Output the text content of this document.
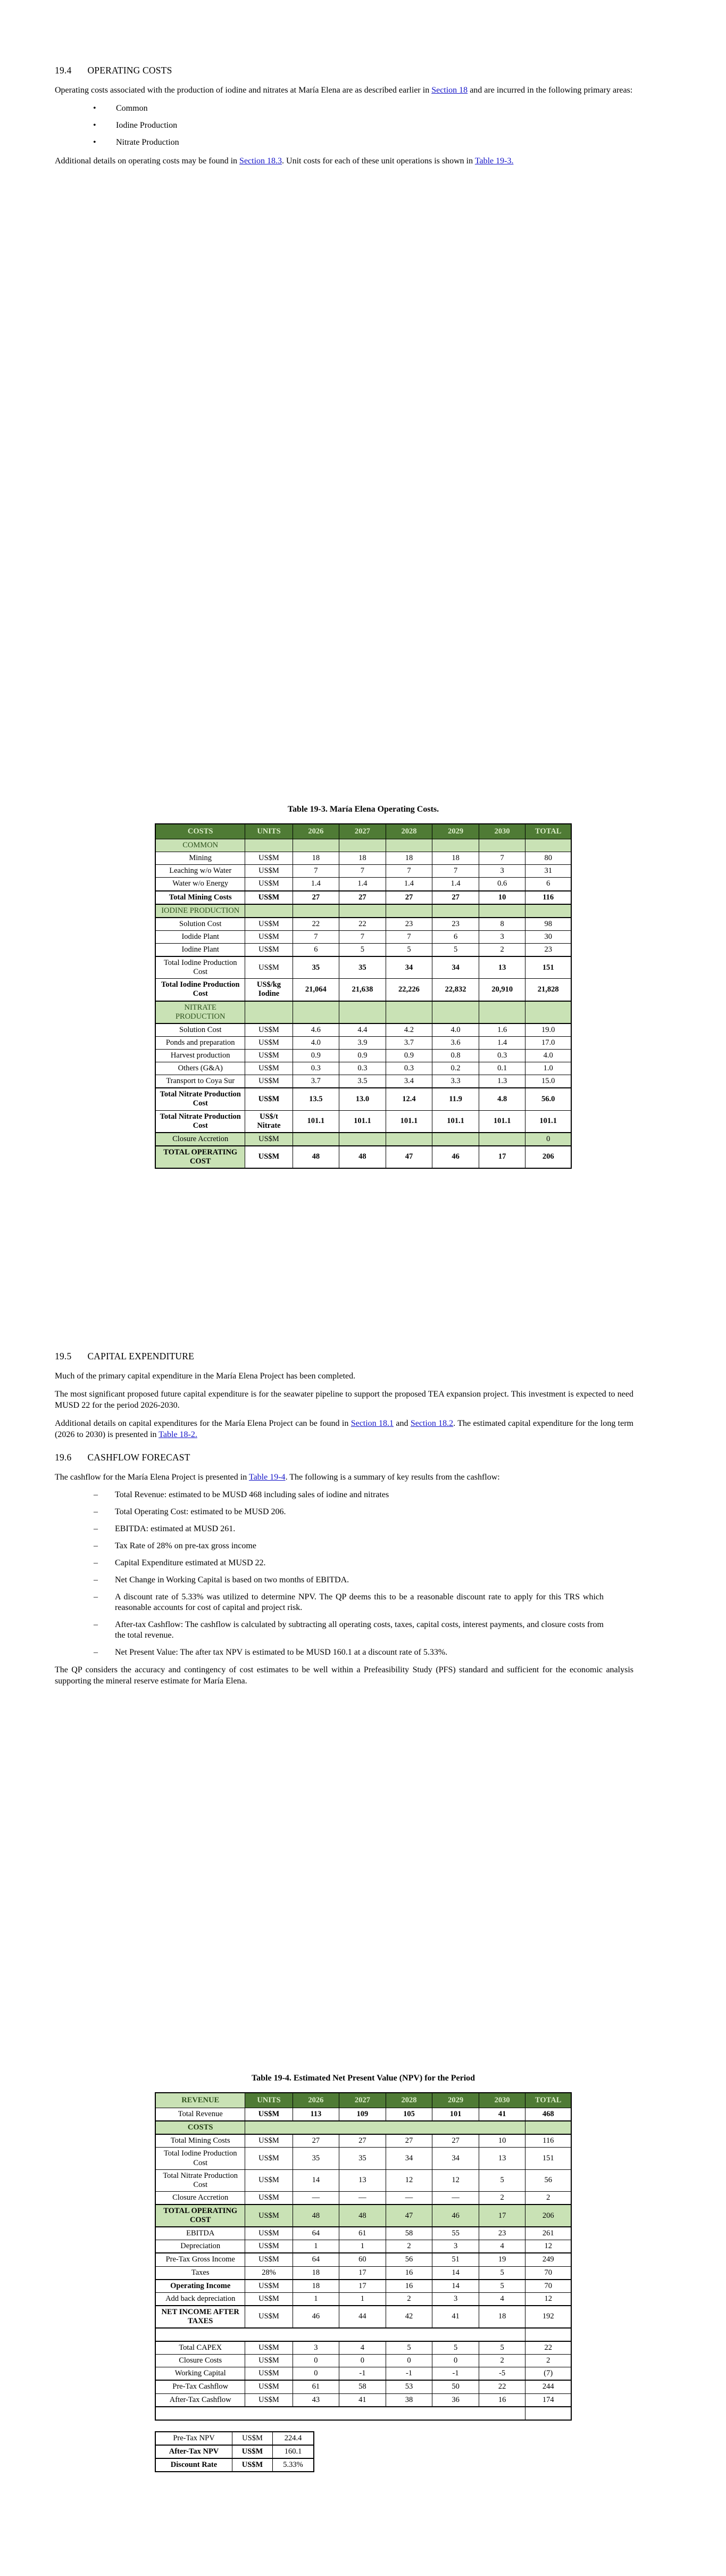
19.4 OPERATING COSTS

Operating costs associated with the production of iodine and nitrates at María Elena are as described earlier in Section 18 and are incurred in the following primary areas:

•	Common
•	Iodine Production
•	Nitrate Production

Additional details on operating costs may be found in Section 18.3. Unit costs for each of these unit operations is shown in Table 19-3.

Table 19-3. María Elena Operating Costs.
COSTS	UNITS	2026	2027	2028	2029	2030	TOTAL
COMMON							
Mining	US$M	18	18	18	18	7	80
Leaching w/o Water	US$M	7	7	7	7	3	31
Water w/o Energy	US$M	1.4	1.4	1.4	1.4	0.6	6
Total Mining Costs	US$M	27	27	27	27	10	116
IODINE PRODUCTION							
Solution Cost	US$M	22	22	23	23	8	98
Iodide Plant	US$M	7	7	7	6	3	30
Iodine Plant	US$M	6	5	5	5	2	23
Total Iodine Production Cost	US$M	35	35	34	34	13	151
Total Iodine Production Cost	US$/kg Iodine	21,064	21,638	22,226	22,832	20,910	21,828
NITRATE PRODUCTION							
Solution Cost	US$M	4.6	4.4	4.2	4.0	1.6	19.0
Ponds and preparation	US$M	4.0	3.9	3.7	3.6	1.4	17.0
Harvest production	US$M	0.9	0.9	0.9	0.8	0.3	4.0
Others (G&A)	US$M	0.3	0.3	0.3	0.2	0.1	1.0
Transport to Coya Sur	US$M	3.7	3.5	3.4	3.3	1.3	15.0
Total Nitrate Production Cost	US$M	13.5	13.0	12.4	11.9	4.8	56.0
Total Nitrate Production Cost	US$/t Nitrate	101.1	101.1	101.1	101.1	101.1	101.1
Closure Accretion	US$M						0
TOTAL OPERATING COST	US$M	48	48	47	46	17	206
19.5 CAPITAL EXPENDITURE

Much of the primary capital expenditure in the María Elena Project has been completed.

The most significant proposed future capital expenditure is for the seawater pipeline to support the proposed TEA expansion project. This investment is expected to need MUSD 22 for the period 2026-2030.

Additional details on capital expenditures for the María Elena Project can be found in Section 18.1 and Section 18.2. The estimated capital expenditure for the long term (2026 to 2030) is presented in Table 18-2.

19.6 CASHFLOW FORECAST

The cashflow for the María Elena Project is presented in Table 19-4. The following is a summary of key results from the cashflow:

–	Total Revenue: estimated to be MUSD 468 including sales of iodine and nitrates
–	Total Operating Cost: estimated to be MUSD 206.
–	EBITDA: estimated at MUSD 261.
–	Tax Rate of 28% on pre-tax gross income
–	Capital Expenditure estimated at MUSD 22.
–	Net Change in Working Capital is based on two months of EBITDA.
–	A discount rate of 5.33% was utilized to determine NPV. The QP deems this to be a reasonable discount rate to apply for this TRS which reasonable accounts for cost of capital and project risk.
–	After-tax Cashflow: The cashflow is calculated by subtracting all operating costs, taxes, capital costs, interest payments, and closure costs from the total revenue.
–	Net Present Value: The after tax NPV is estimated to be MUSD 160.1 at a discount rate of 5.33%.

The QP considers the accuracy and contingency of cost estimates to be well within a Prefeasibility Study (PFS) standard and sufficient for the economic analysis supporting the mineral reserve estimate for María Elena.

Table 19-4. Estimated Net Present Value (NPV) for the Period
REVENUE	UNITS	2026	2027	2028	2029	2030	TOTAL
Total Revenue	US$M	113	109	105	101	41	468
COSTS							
Total Mining Costs	US$M	27	27	27	27	10	116
Total Iodine Production Cost	US$M	35	35	34	34	13	151
Total Nitrate Production Cost	US$M	14	13	12	12	5	56
Closure Accretion	US$M	—	—	—	—	2	2
TOTAL OPERATING COST	US$M	48	48	47	46	17	206
EBITDA	US$M	64	61	58	55	23	261
Depreciation	US$M	1	1	2	3	4	12
Pre-Tax Gross Income	US$M	64	60	56	51	19	249
Taxes	28%	18	17	16	14	5	70
Operating Income	US$M	18	17	16	14	5	70
Add back depreciation	US$M	1	1	2	3	4	12
NET INCOME AFTER TAXES	US$M	46	44	42	41	18	192

Total CAPEX	US$M	3	4	5	5	5	22
Closure Costs	US$M	0	0	0	0	2	2
Working Capital	US$M	0	-1	-1	-1	-5	(7)
Pre-Tax Cashflow	US$M	61	58	53	50	22	244
After-Tax Cashflow	US$M	43	41	38	36	16	174

Pre-Tax NPV	US$M	224.4
After-Tax NPV	US$M	160.1
Discount Rate	US$M	5.33%
